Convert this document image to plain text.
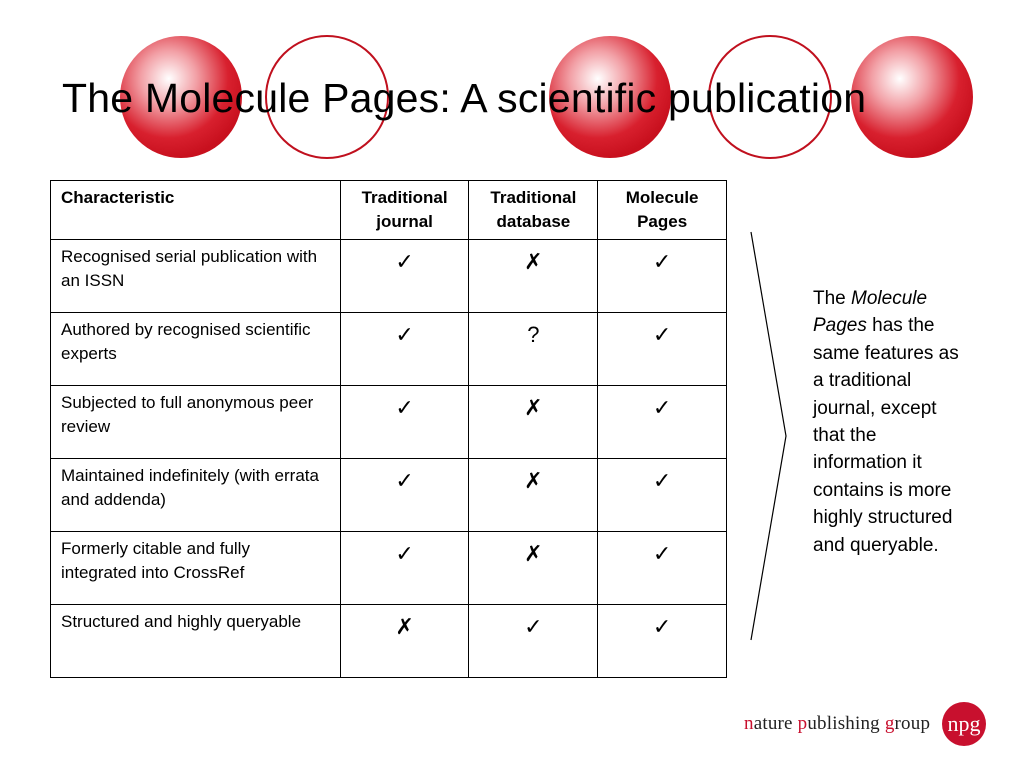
The Molecule Pages: A scientific publication
Characteristic	Traditional journal	Traditional database	Molecule Pages
Recognised serial publication with an ISSN	✓	✗	✓
Authored by recognised scientific experts	✓	?	✓
Subjected to full anonymous peer review	✓	✗	✓
Maintained indefinitely (with errata and addenda)	✓	✗	✓
Formerly citable and fully integrated into CrossRef	✓	✗	✓
Structured and highly queryable	✗	✓	✓
The Molecule Pages has the same features as a traditional journal, except that the information it contains is more highly structured and queryable.
nature publishing group npg
